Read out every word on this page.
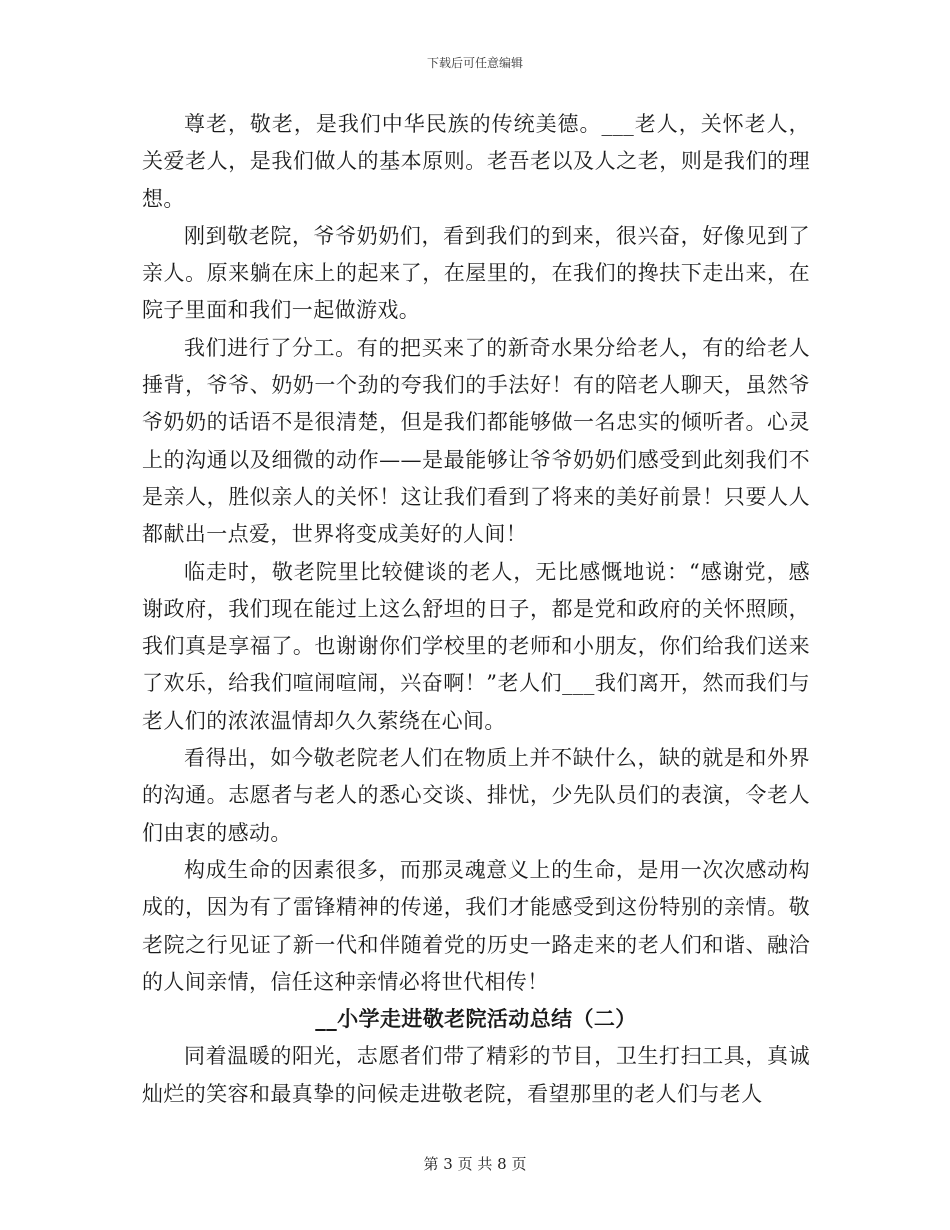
下载后可任意编辑

尊老，敬老，是我们中华民族的传统美德。___老人，关怀老人，关爱老人，是我们做人的基本原则。老吾老以及人之老，则是我们的理想。

刚到敬老院，爷爷奶奶们，看到我们的到来，很兴奋，好像见到了亲人。原来躺在床上的起来了，在屋里的，在我们的搀扶下走出来，在院子里面和我们一起做游戏。

我们进行了分工。有的把买来了的新奇水果分给老人，有的给老人捶背，爷爷、奶奶一个劲的夸我们的手法好！有的陪老人聊天，虽然爷爷奶奶的话语不是很清楚，但是我们都能够做一名忠实的倾听者。心灵上的沟通以及细微的动作——是最能够让爷爷奶奶们感受到此刻我们不是亲人，胜似亲人的关怀！这让我们看到了将来的美好前景！只要人人都献出一点爱，世界将变成美好的人间！

临走时，敬老院里比较健谈的老人，无比感慨地说：“感谢党，感谢政府，我们现在能过上这么舒坦的日子，都是党和政府的关怀照顾，我们真是享福了。也谢谢你们学校里的老师和小朋友，你们给我们送来了欢乐，给我们喧闹喧闹，兴奋啊！”老人们___我们离开，然而我们与老人们的浓浓温情却久久萦绕在心间。

看得出，如今敬老院老人们在物质上并不缺什么，缺的就是和外界的沟通。志愿者与老人的悉心交谈、排忧，少先队员们的表演，令老人们由衷的感动。

构成生命的因素很多，而那灵魂意义上的生命，是用一次次感动构成的，因为有了雷锋精神的传递，我们才能感受到这份特别的亲情。敬老院之行见证了新一代和伴随着党的历史一路走来的老人们和谐、融洽的人间亲情，信任这种亲情必将世代相传！

__小学走进敬老院活动总结（二）

同着温暖的阳光，志愿者们带了精彩的节目，卫生打扫工具，真诚灿烂的笑容和最真挚的问候走进敬老院，看望那里的老人们与老人

第 3 页 共 8 页
